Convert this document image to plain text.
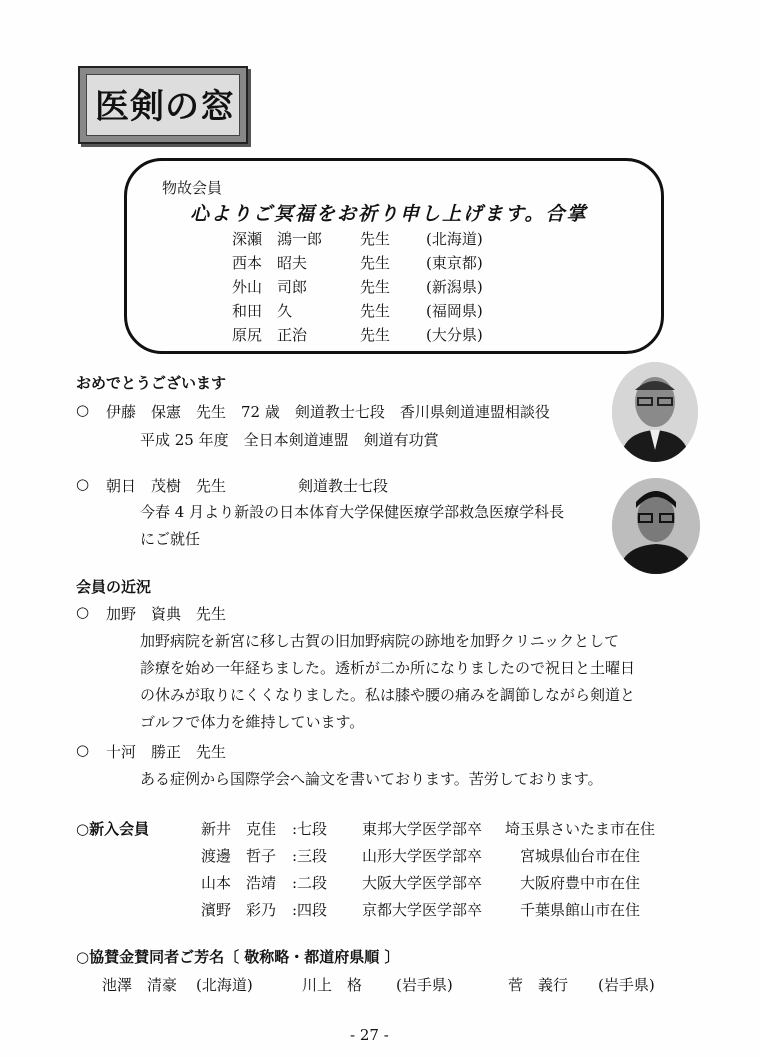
医剣の窓
物故会員
心よりご冥福をお祈り申し上げます。合掌
深瀬　鴻一郎	先生 (北海道)
西本　昭夫	先生 (東京都)
外山　司郎	先生 (新潟県)
和田　久	先生 (福岡県)
原尻　正治	先生 (大分県)
おめでとうございます
○ 伊藤　保憲　先生　72 歳　剣道教士七段　香川県剣道連盟相談役
平成 25 年度　全日本剣道連盟　剣道有功賞
○ 朝日　茂樹　先生	剣道教士七段
今春 4 月より新設の日本体育大学保健医療学部救急医療学科長
にご就任
会員の近況
○ 加野　資典　先生
加野病院を新宮に移し古賀の旧加野病院の跡地を加野クリニックとして
診療を始め一年経ちました。透析が二か所になりましたので祝日と土曜日
の休みが取りにくくなりました。私は膝や腰の痛みを調節しながら剣道と
ゴルフで体力を維持しています。
○ 十河　勝正　先生
ある症例から国際学会へ論文を書いております。苦労しております。
○新入会員	新井　克佳 :七段 東邦大学医学部卒 埼玉県さいたま市在住
渡邊　哲子 :三段 山形大学医学部卒	宮城県仙台市在住
山本　浩靖 :二段 大阪大学医学部卒	大阪府豊中市在住
濱野　彩乃 :四段 京都大学医学部卒	千葉県館山市在住
○協賛金賛同者ご芳名〔 敬称略・都道府県順 〕
池澤　清豪 (北海道)	川上　格 (岩手県)	菅　義行 (岩手県)
- 27 -
